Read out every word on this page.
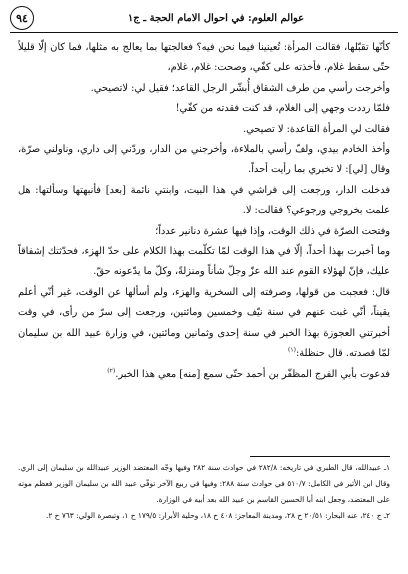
٩٤	عوالم العلوم: في أحوال الامام الحجة ـ ج١

كأنّها تقبّلها، فقالت المرأة: تُعينينا فيما نحن فيه؟ فعالجتها بما يعالج به مثلها، فما كان إلّا قليلاً حتّى سقط غلام، فأخذته على كفّي، وصحت: غلام، غلام،

وأخرجت رأسي من طرف الشقاق أُبشّر الرجل القاعد؛ فقيل لي: لاتصيحي.

فلمّا رددت وجهي إلى الغلام، قد كنت فقدته من كفّي!

فقالت لي المرأة القاعدة: لا تصيحي.

وأخذ الخادم بيدي، ولفّ رأسي بالملاءة، وأخرجني من الدار، وردّني إلى داري، وناولني صرّة، وقال [لي]: لا تخبري بما رأيت أحداً.

فدخلت الدار، ورجعت إلى فراشي في هذا البيت، وابنتي نائمة [بعد] فأنبهتها وسألتها: هل علمت بخروجي ورجوعي؟ فقالت: لا.

وفتحت الصرّة في ذلك الوقت، وإذا فيها عشرة دنانير عدداً؛

وما أخبرت بهذا أحداً، إلّا في هذا الوقت لمّا تكلّمت بهذا الكلام على حدّ الهزء، فحدّثتك إشفاقاً عليك، فإنّ لهؤلاء القوم عند الله عزّ وجلّ شأناً ومنزلةً، وكلّ ما يدّعونه حقّ.

قال: فعجبت من قولها، وصرفته إلى السخرية والهزء، ولم أسألها عن الوقت، غير أنّي أعلم يقيناً، أنّي غبت عنهم في سنة نيّف وخمسين ومائتين، ورجعت إلى سرّ من رأى، في وقت أخبرتني العجوزة بهذا الخبر في سنة إحدى وثمانين ومائتين، في وزارة عبيد الله بن سليمان لمّا قصدته. قال حنظلة:$^{(١)}$

فدعوت بأبي الفرج المظفّر بن أحمد حتّى سمع [منه] معي هذا الخبر.$^{(٢)}$

١ـ عبيدالله، قال الطبري في تاريخه: ٢٨٢/٨ في حوادث سنة ٢٨٢ وفيها وجّه المعتضد الوزير عبيدالله بن سليمان إلى الري. وقال ابن الأثير في الكامل: ٥١٠/٧ في حوادث سنة ٢٨٨: وفيها في ربيع الآخر توفّي عبيد الله بن سليمان الوزير فعظم موته على المعتضد، وجعل ابنه أبا الحسين القاسم بن عبيد الله بعد أبيه في الوزارة.

٢ـ ج ٢٤٠، عنه البحار: ٢٠/٥١ ح ٢٨، ومدينة المعاجز: ٤٠٨ ح ١٨، وحلية الأبرار: ١٧٩/٥ ح ١، وتبصرة الولي: ٧٦٣ ح ٢.
